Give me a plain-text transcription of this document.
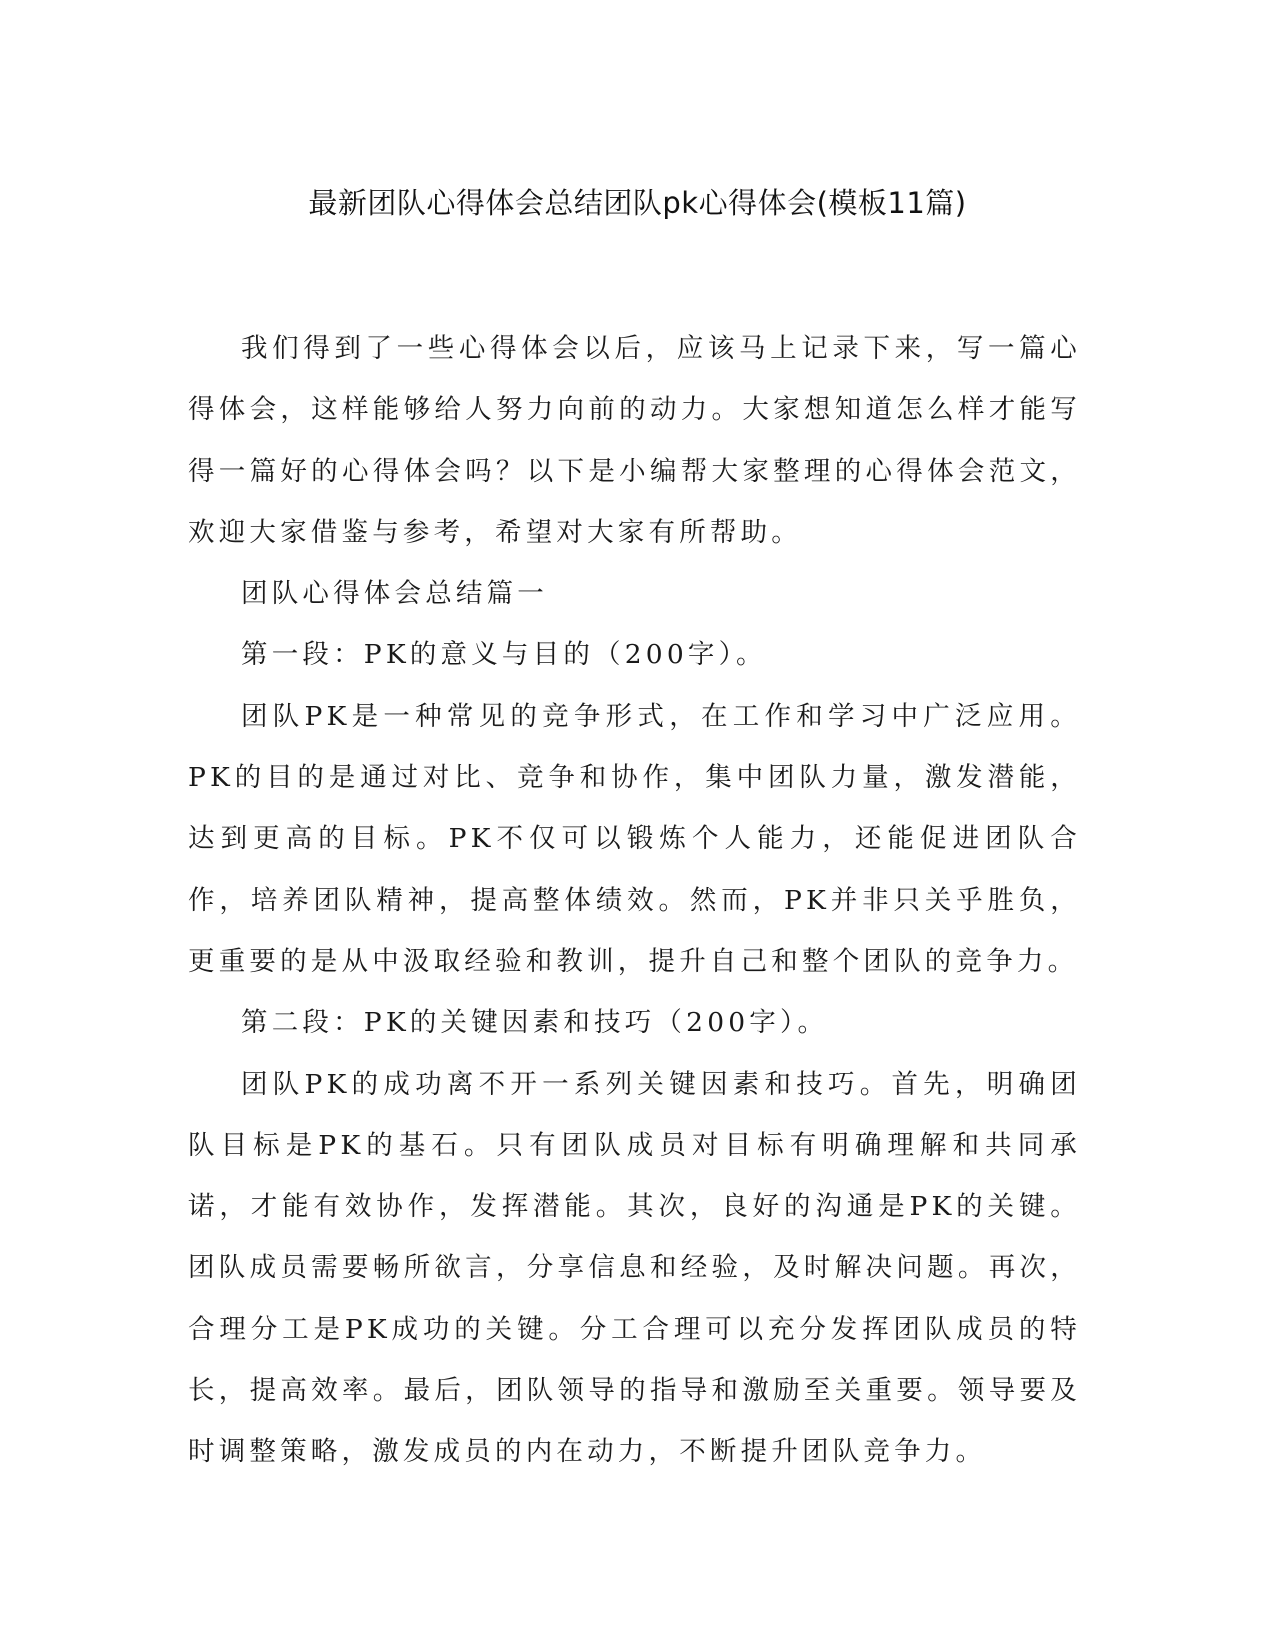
最新团队心得体会总结团队pk心得体会(模板11篇)

我们得到了一些心得体会以后，应该马上记录下来，写一篇心得体会，这样能够给人努力向前的动力。大家想知道怎么样才能写得一篇好的心得体会吗？以下是小编帮大家整理的心得体会范文，欢迎大家借鉴与参考，希望对大家有所帮助。

团队心得体会总结篇一

第一段：PK的意义与目的（200字）。

团队PK是一种常见的竞争形式，在工作和学习中广泛应用。PK的目的是通过对比、竞争和协作，集中团队力量，激发潜能，达到更高的目标。PK不仅可以锻炼个人能力，还能促进团队合作，培养团队精神，提高整体绩效。然而，PK并非只关乎胜负，更重要的是从中汲取经验和教训，提升自己和整个团队的竞争力。

第二段：PK的关键因素和技巧（200字）。

团队PK的成功离不开一系列关键因素和技巧。首先，明确团队目标是PK的基石。只有团队成员对目标有明确理解和共同承诺，才能有效协作，发挥潜能。其次，良好的沟通是PK的关键。团队成员需要畅所欲言，分享信息和经验，及时解决问题。再次，合理分工是PK成功的关键。分工合理可以充分发挥团队成员的特长，提高效率。最后，团队领导的指导和激励至关重要。领导要及时调整策略，激发成员的内在动力，不断提升团队竞争力。
